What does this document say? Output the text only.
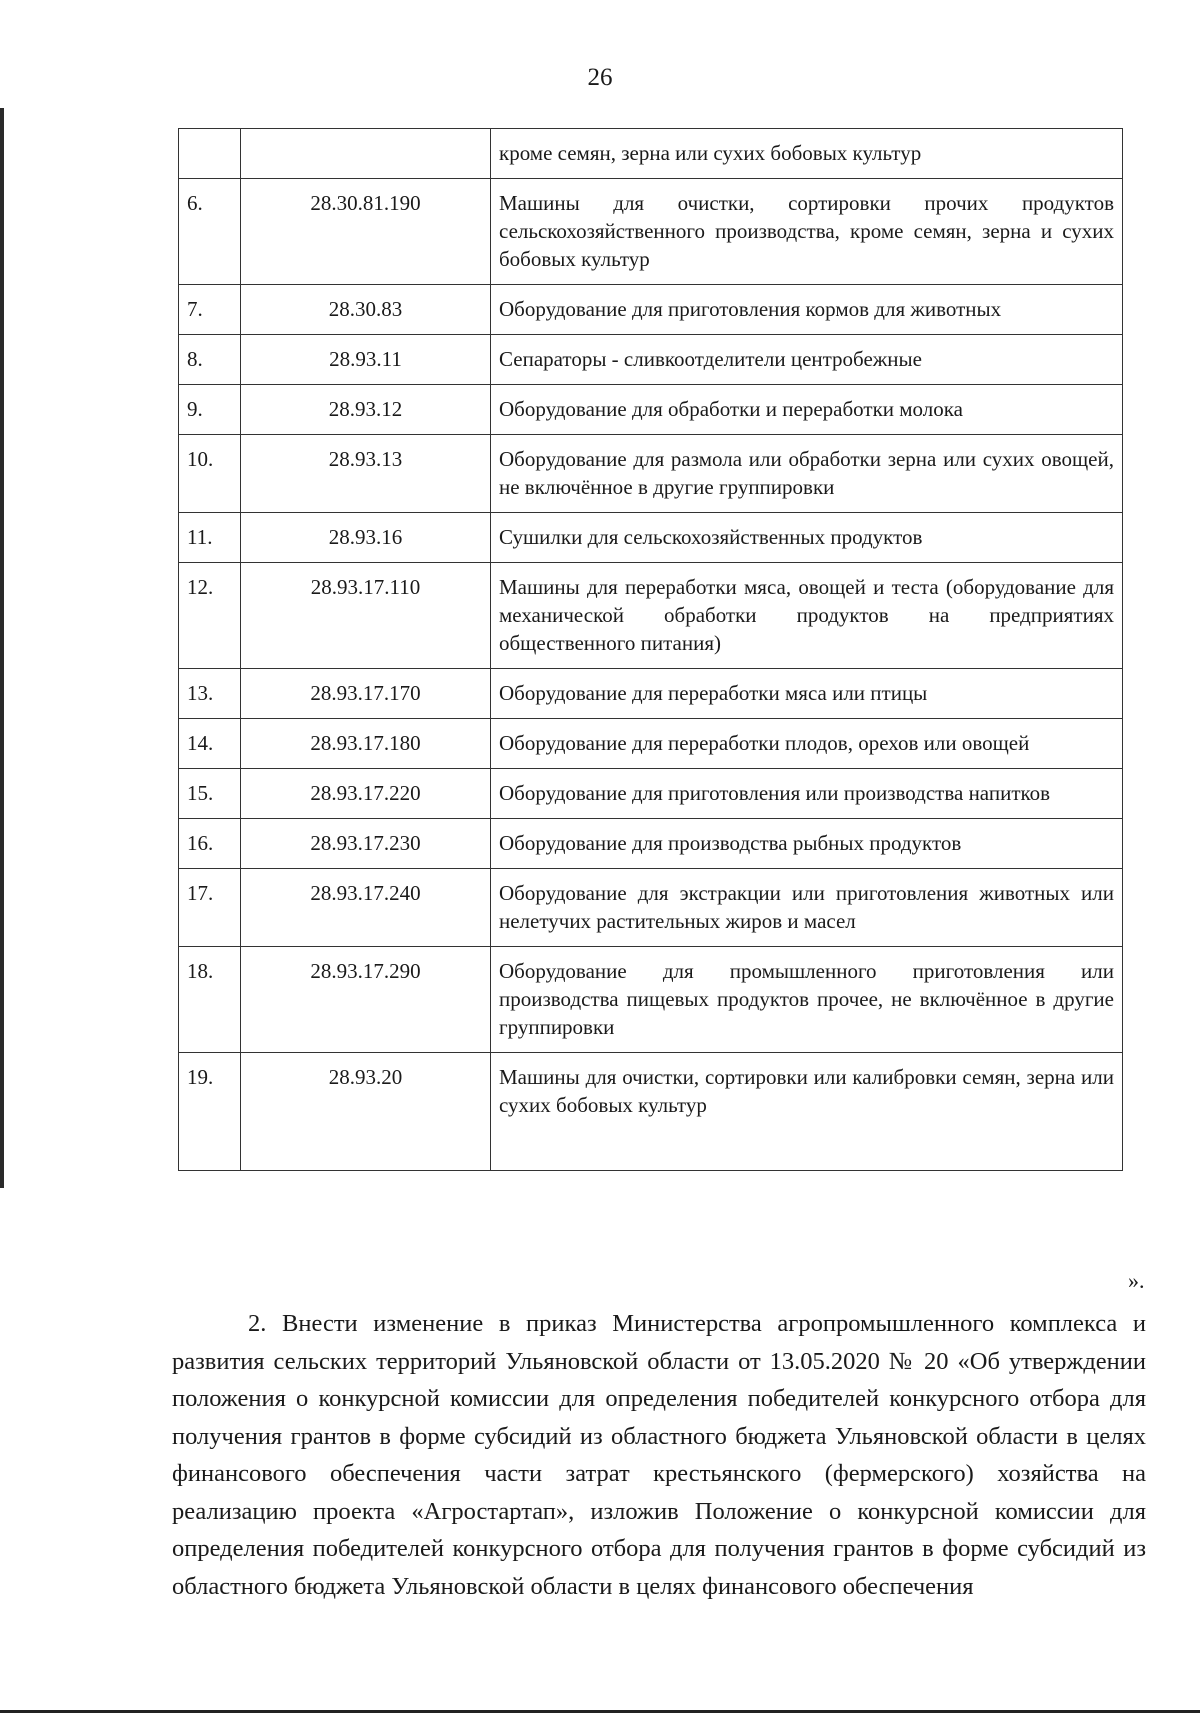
26
		кроме семян, зерна или сухих бобовых культур
6.	28.30.81.190	Машины для очистки, сортировки прочих продуктов сельскохозяйственного производства, кроме семян, зерна и сухих бобовых культур
7.	28.30.83	Оборудование для приготовления кормов для животных
8.	28.93.11	Сепараторы - сливкоотделители центробежные
9.	28.93.12	Оборудование для обработки и переработки молока
10.	28.93.13	Оборудование для размола или обработки зерна или сухих овощей, не включённое в другие группировки
11.	28.93.16	Сушилки для сельскохозяйственных продуктов
12.	28.93.17.110	Машины для переработки мяса, овощей и теста (оборудование для механической обработки продуктов на предприятиях общественного питания)
13.	28.93.17.170	Оборудование для переработки мяса или птицы
14.	28.93.17.180	Оборудование для переработки плодов, орехов или овощей
15.	28.93.17.220	Оборудование для приготовления или производства напитков
16.	28.93.17.230	Оборудование для производства рыбных продуктов
17.	28.93.17.240	Оборудование для экстракции или приготовления животных или нелетучих растительных жиров и масел
18.	28.93.17.290	Оборудование для промышленного приготовления или производства пищевых продуктов прочее, не включённое в другие группировки
19.	28.93.20	Машины для очистки, сортировки или калибровки семян, зерна или сухих бобовых культур
».

2. Внести изменение в приказ Министерства агропромышленного комплекса и развития сельских территорий Ульяновской области от 13.05.2020 № 20 «Об утверждении положения о конкурсной комиссии для определения победителей конкурсного отбора для получения грантов в форме субсидий из областного бюджета Ульяновской области в целях финансового обеспечения части затрат крестьянского (фермерского) хозяйства на реализацию проекта «Агростартап», изложив Положение о конкурсной комиссии для определения победителей конкурсного отбора для получения грантов в форме субсидий из областного бюджета Ульяновской области в целях финансового обеспечения
